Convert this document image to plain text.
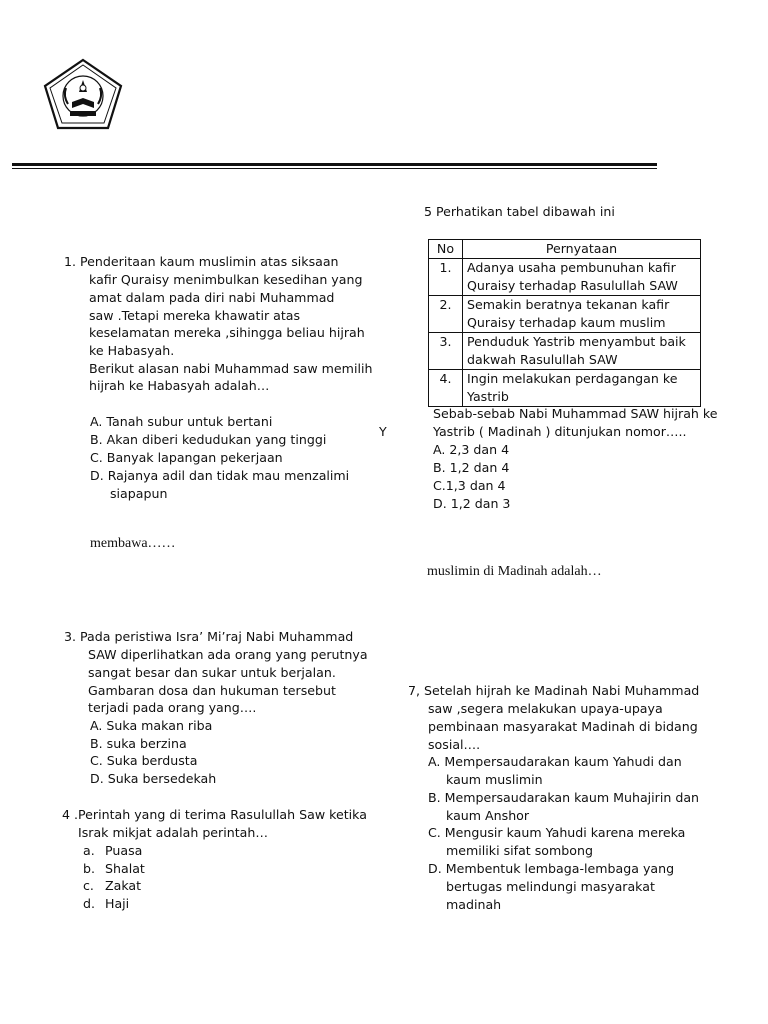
1. Penderitaan kaum muslimin atas siksaan
kafir Quraisy menimbulkan kesedihan yang
amat dalam pada diri nabi Muhammad
saw .Tetapi mereka khawatir atas
keselamatan mereka ,sihingga beliau hijrah
ke Habasyah.
Berikut alasan nabi Muhammad saw memilih
hijrah ke Habasyah adalah…
A. Tanah subur untuk bertani
B. Akan diberi kedudukan yang tinggi
C. Banyak lapangan pekerjaan
D. Rajanya adil dan tidak mau menzalimi
siapapun
membawa……
3. Pada peristiwa Isra’ Mi’raj Nabi Muhammad
SAW diperlihatkan ada orang yang perutnya
sangat besar dan sukar untuk berjalan.
Gambaran dosa dan hukuman tersebut
terjadi pada orang yang….
A. Suka makan riba
B. suka berzina
C. Suka berdusta
D. Suka bersedekah
4 .Perintah yang di terima Rasulullah Saw ketika
Israk mikjat adalah perintah…
a. Puasa
b. Shalat
c. Zakat
d. Haji
5 Perhatikan tabel dibawah ini
No	Pernyataan
1.	Adanya usaha pembunuhan kafir
Quraisy terhadap Rasulullah SAW

2.	Semakin beratnya tekanan kafir
Quraisy terhadap kaum muslim

3.	Penduduk Yastrib menyambut baik
dakwah Rasulullah SAW

4.	Ingin melakukan perdagangan ke
Yastrib
Sebab-sebab Nabi Muhammad SAW hijrah ke
Yastrib ( Madinah ) ditunjukan nomor…..
Y
A. 2,3 dan 4
B. 1,2 dan 4
C.1,3 dan 4
D. 1,2 dan 3
muslimin di Madinah adalah…
7, Setelah hijrah ke Madinah Nabi Muhammad
saw ,segera melakukan upaya-upaya
pembinaan masyarakat Madinah di bidang
sosial….
A. Mempersaudarakan kaum Yahudi dan
kaum muslimin
B. Mempersaudarakan kaum Muhajirin dan
kaum Anshor
C. Mengusir kaum Yahudi karena mereka
memiliki sifat sombong
D. Membentuk lembaga-lembaga yang
bertugas melindungi masyarakat
madinah
